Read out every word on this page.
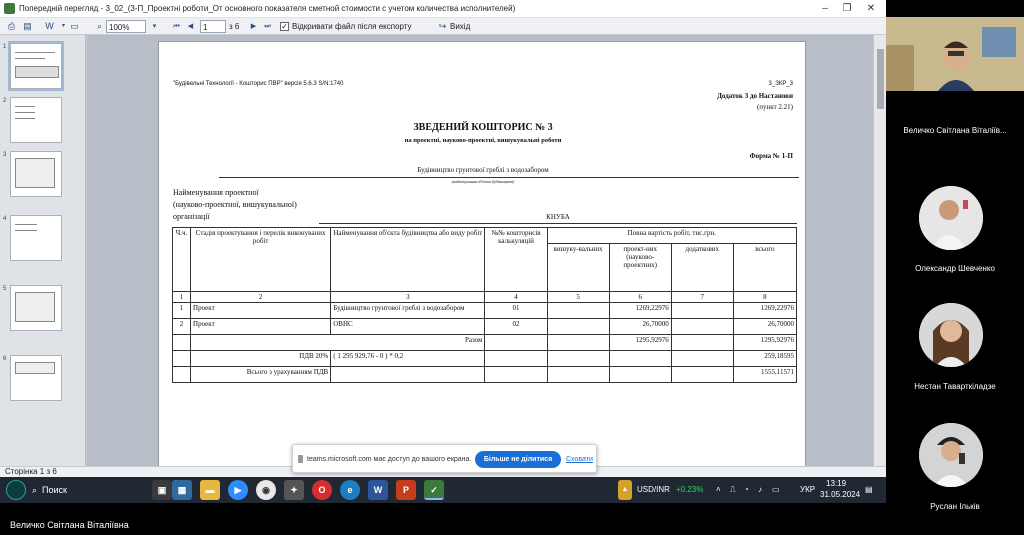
Попередній перегляд - 3_02_(3-П_Проектні роботи_От основного показателя сметной стоимости с учетом количества исполнителей)	–	❐	✕
⎙ ▤ W	▾ ▭	⌕ 100%	▾	⏮	◀	1	з 6	▶	⏭	✓ Відкривати файл після експорту	↪ Вихід
1
2
3
4
5
6
"Будівельні Технології - Кошторис ПВР" версія 5.6.3 S/N:1740	3_ЗКР_3
Додаток 3 до Настанови
(пункт 2.21)
ЗВЕДЕНИЙ КОШТОРИС № 3
на проектні, науково-проектні, вишукувальні роботи
Форма № 1-П
Будівництво грунтової греблі з водозабором
(найменування об'єкта будівництва)
Найменування проектної
(науково-проектної, вишукувальної)
організації	КНУБА
Ч.ч.	Стадія проектування і перелік виконуваних робіт	Найменування об'єкта будівництва або виду робіт	№№ кошторисів калькуляцій	Повна вартість робіт, тис.грн.			
				вишуку-вальних	проект-них (науково-проектних)	додаткових	всього
1	2	3	4	5	6	7	8
1	Проект	Будівництво грунтової греблі з водозабором	01		1269,22976		1269,22976
2	Проект	ОВНС	02		26,70000		26,70000
	Разом				1295,92976		1295,92976
	ПДВ 20%	( 1 295 929,76 - 0 ) * 0,2					259,18595
	Всього з урахуванням ПДВ						1555,11571
Сторінка 1 з 6
⌕  Поиск	▣	▦	▬	▶	◉	✦	O	e	W	P	✓	▲	USD/INR +0.23% ˄ ⎍ ◔ ♪ ▭	УКР
13:19
31.05.2024
▤
teams.microsoft.com має доступ до вашого екрана.	Більше не ділитися	Сховати
Величко Світлана Віталіїв...
Олександр Шевченко
Нестан Таварткіладзе
Руслан Ільків
Величко Світлана Віталіївна
